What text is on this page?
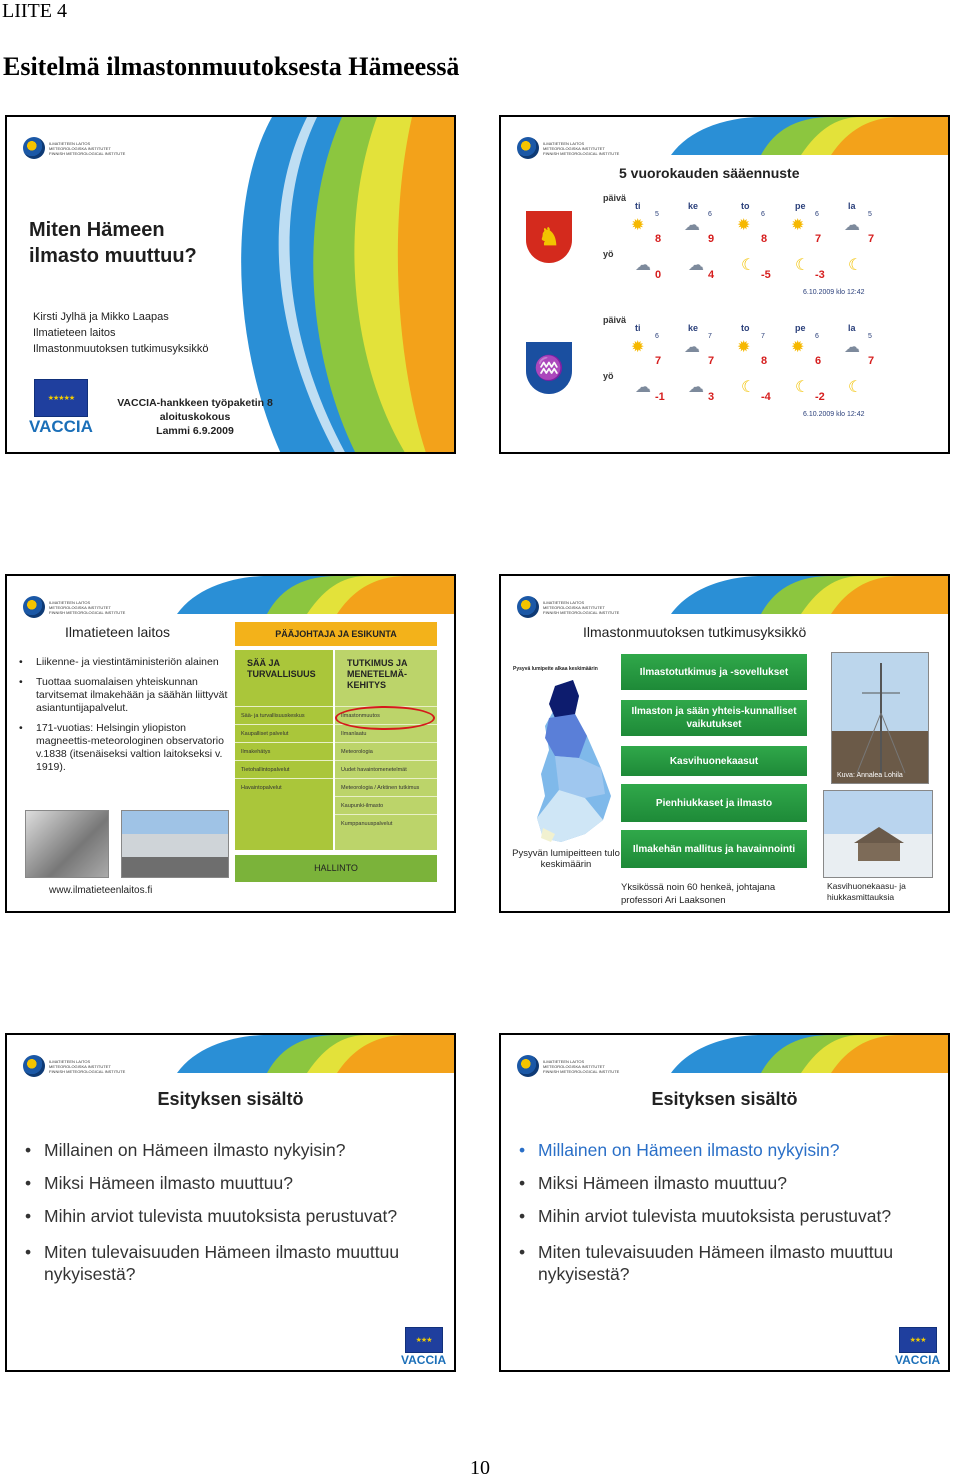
LIITE 4
Esitelmä ilmastonmuutoksesta Hämeessä
ILMATIETEEN LAITOS
METEOROLOGISKA INSTITUTET
FINNISH METEOROLOGICAL INSTITUTE
Miten Hämeen ilmasto muuttuu?
Kirsti Jylhä ja Mikko Laapas
Ilmatieteen laitos
Ilmastonmuutoksen tutkimusyksikkö
★★★★★
VACCIA
VACCIA-hankkeen työpaketin 8
aloituskokous
Lammi 6.9.2009
ILMATIETEEN LAITOS
METEOROLOGISKA INSTITUTET
FINNISH METEOROLOGICAL INSTITUTE
5 vuorokauden sääennuste
♞
♒
päivä
yö
ti
5
✹
8
☁
0
ke
6
☁
9
☁
4
to
6
✹
8
☾
-5
pe
6
✹
7
☾
-3
la
5
☁
7
☾
6.10.2009 klo 12:42
päivä
yö
ti
6
✹
7
☁
-1
ke
7
☁
7
☁
3
to
7
✹
8
☾
-4
pe
6
✹
6
☾
-2
la
5
☁
7
☾
6.10.2009 klo 12:42
ILMATIETEEN LAITOS
METEOROLOGISKA INSTITUTET
FINNISH METEOROLOGICAL INSTITUTE
Ilmatieteen laitos
• Liikenne- ja viestintäministeriön alainen
• Tuottaa suomalaisen yhteiskunnan tarvitsemat ilmakehään ja säähän liittyvät asiantuntijapalvelut.
• 171-vuotias: Helsingin yliopiston magneettis-meteorologinen observatorio v.1838 (itsenäiseksi valtion laitokseksi v. 1919).
www.ilmatieteenlaitos.fi
PÄÄJOHTAJA JA ESIKUNTA
SÄÄ JA TURVALLISUUS
Sää- ja turvallisuuskeskus
Kaupalliset palvelut
Ilmakehätys
Tietohallintopalvelut
Havaintopalvelut
TUTKIMUS JA MENETELMÄ-KEHITYS
Ilmastonmuutos
Ilmanlaatu
Meteorologia
Uudet havaintomenetelmät
Meteorologia / Arktinen tutkimus
Kaupunki-ilmasto
Kumppanuuspalvelut
HALLINTO
ILMATIETEEN LAITOS
METEOROLOGISKA INSTITUTET
FINNISH METEOROLOGICAL INSTITUTE
Ilmastonmuutoksen tutkimusyksikkö
Pysyvä lumipeite alkaa keskimäärin
Pysyvän lumipeitteen tulo keskimäärin
Ilmastotutkimus ja -sovellukset
Ilmaston ja sään yhteis-kunnalliset vaikutukset
Kasvihuonekaasut
Pienhiukkaset ja ilmasto
Ilmakehän mallitus ja havainnointi
Kuva: Annalea Lohila
Yksikössä noin 60 henkeä, johtajana professori Ari Laaksonen
Kasvihuonekaasu- ja hiukkasmittauksia
ILMATIETEEN LAITOS
METEOROLOGISKA INSTITUTET
FINNISH METEOROLOGICAL INSTITUTE
Esityksen sisältö
• Millainen on Hämeen ilmasto nykyisin?
• Miksi Hämeen ilmasto muuttuu?
• Mihin arviot tulevista muutoksista perustuvat?
• Miten tulevaisuuden Hämeen ilmasto muuttuu nykyisestä?
★★★
VACCIA
ILMATIETEEN LAITOS
METEOROLOGISKA INSTITUTET
FINNISH METEOROLOGICAL INSTITUTE
Esityksen sisältö
• Millainen on Hämeen ilmasto nykyisin?
• Miksi Hämeen ilmasto muuttuu?
• Mihin arviot tulevista muutoksista perustuvat?
• Miten tulevaisuuden Hämeen ilmasto muuttuu nykyisestä?
★★★
VACCIA
10
